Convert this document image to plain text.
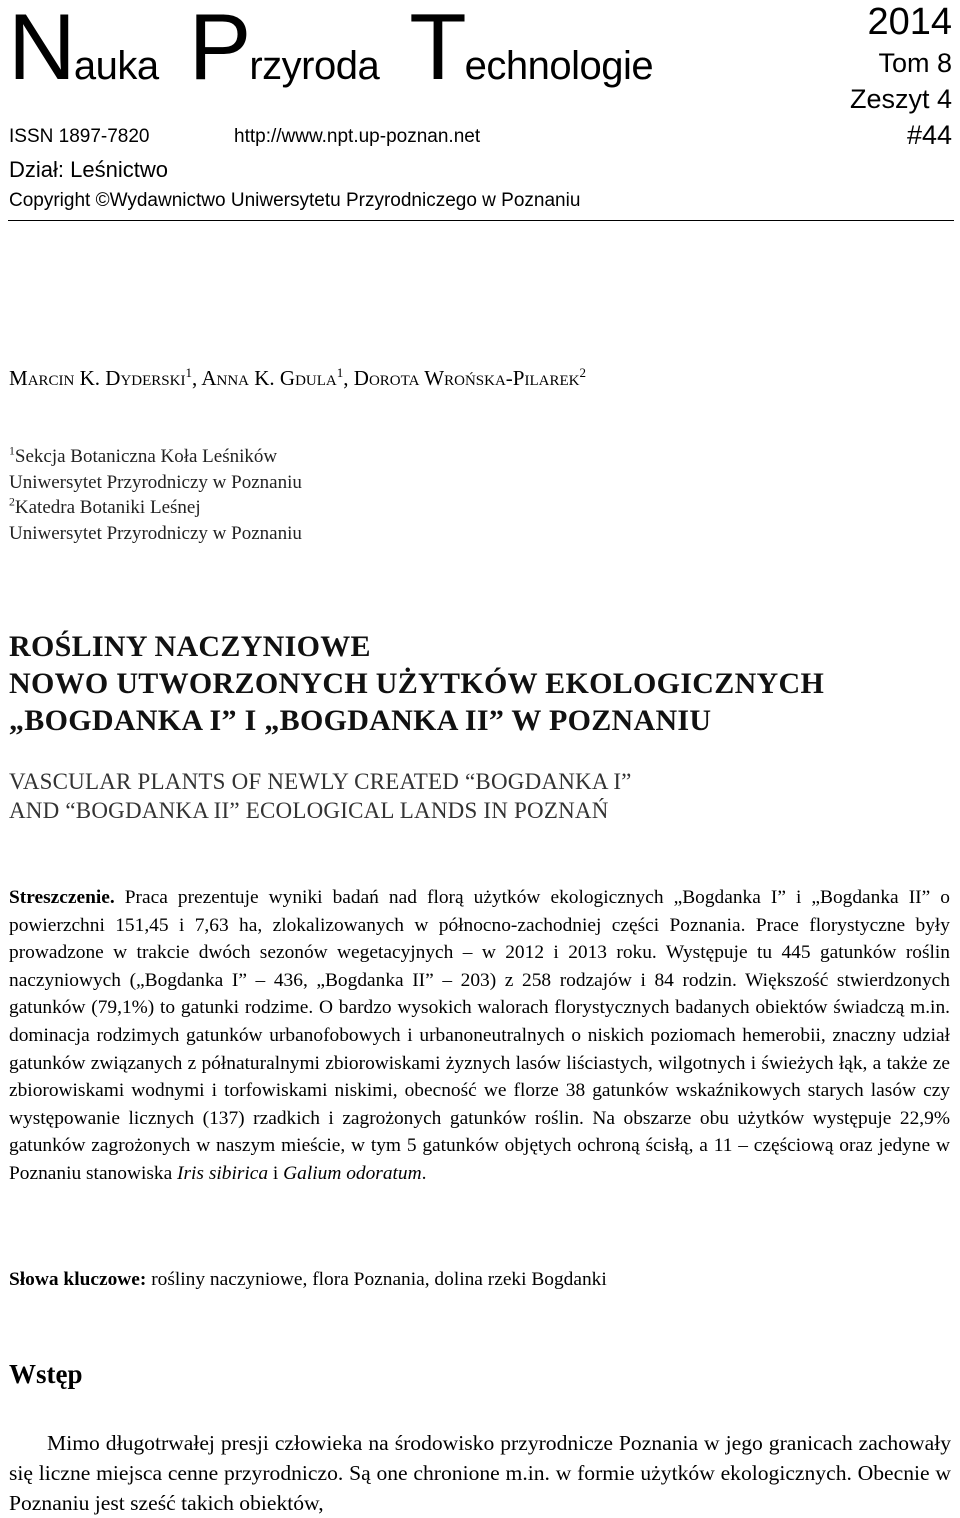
Nauka Przyroda Technologie
2014
Tom 8
Zeszyt 4
#44
ISSN 1897-7820	http://www.npt.up-poznan.net
Dział: Leśnictwo
Copyright ©Wydawnictwo Uniwersytetu Przyrodniczego w Poznaniu
Marcin K. Dyderski$^1$, Anna K. Gdula$^1$, Dorota Wrońska-Pilarek$^2$
$^1$Sekcja Botaniczna Koła Leśników
Uniwersytet Przyrodniczy w Poznaniu
$^2$Katedra Botaniki Leśnej
Uniwersytet Przyrodniczy w Poznaniu
ROŚLINY NACZYNIOWE
NOWO UTWORZONYCH UŻYTKÓW EKOLOGICZNYCH
„BOGDANKA I” I „BOGDANKA II” W POZNANIU
VASCULAR PLANTS OF NEWLY CREATED “BOGDANKA I”
AND “BOGDANKA II” ECOLOGICAL LANDS IN POZNAŃ
Streszczenie. Praca prezentuje wyniki badań nad florą użytków ekologicznych „Bogdanka I” i „Bogdanka II” o powierzchni 151,45 i 7,63 ha, zlokalizowanych w północno-zachodniej części Poznania. Prace florystyczne były prowadzone w trakcie dwóch sezonów wegetacyjnych – w 2012 i 2013 roku. Występuje tu 445 gatunków roślin naczyniowych („Bogdanka I” – 436, „Bogdanka II” – 203) z 258 rodzajów i 84 rodzin. Większość stwierdzonych gatunków (79,1%) to gatunki rodzime. O bardzo wysokich walorach florystycznych badanych obiektów świadczą m.in. dominacja rodzimych gatunków urbanofobowych i urbanoneutralnych o niskich poziomach hemerobii, znaczny udział gatunków związanych z półnaturalnymi zbiorowiskami żyznych lasów liściastych, wilgotnych i świeżych łąk, a także ze zbiorowiskami wodnymi i torfowiskami niskimi, obecność we florze 38 gatunków wskaźnikowych starych lasów czy występowanie licznych (137) rzadkich i zagrożonych gatunków roślin. Na obszarze obu użytków występuje 22,9% gatunków zagrożonych w naszym mieście, w tym 5 gatunków objętych ochroną ścisłą, a 11 – częściową oraz jedyne w Poznaniu stanowiska Iris sibirica i Galium odoratum.
Słowa kluczowe: rośliny naczyniowe, flora Poznania, dolina rzeki Bogdanki
Wstęp
Mimo długotrwałej presji człowieka na środowisko przyrodnicze Poznania w jego granicach zachowały się liczne miejsca cenne przyrodniczo. Są one chronione m.in. w formie użytków ekologicznych. Obecnie w Poznaniu jest sześć takich obiektów,
